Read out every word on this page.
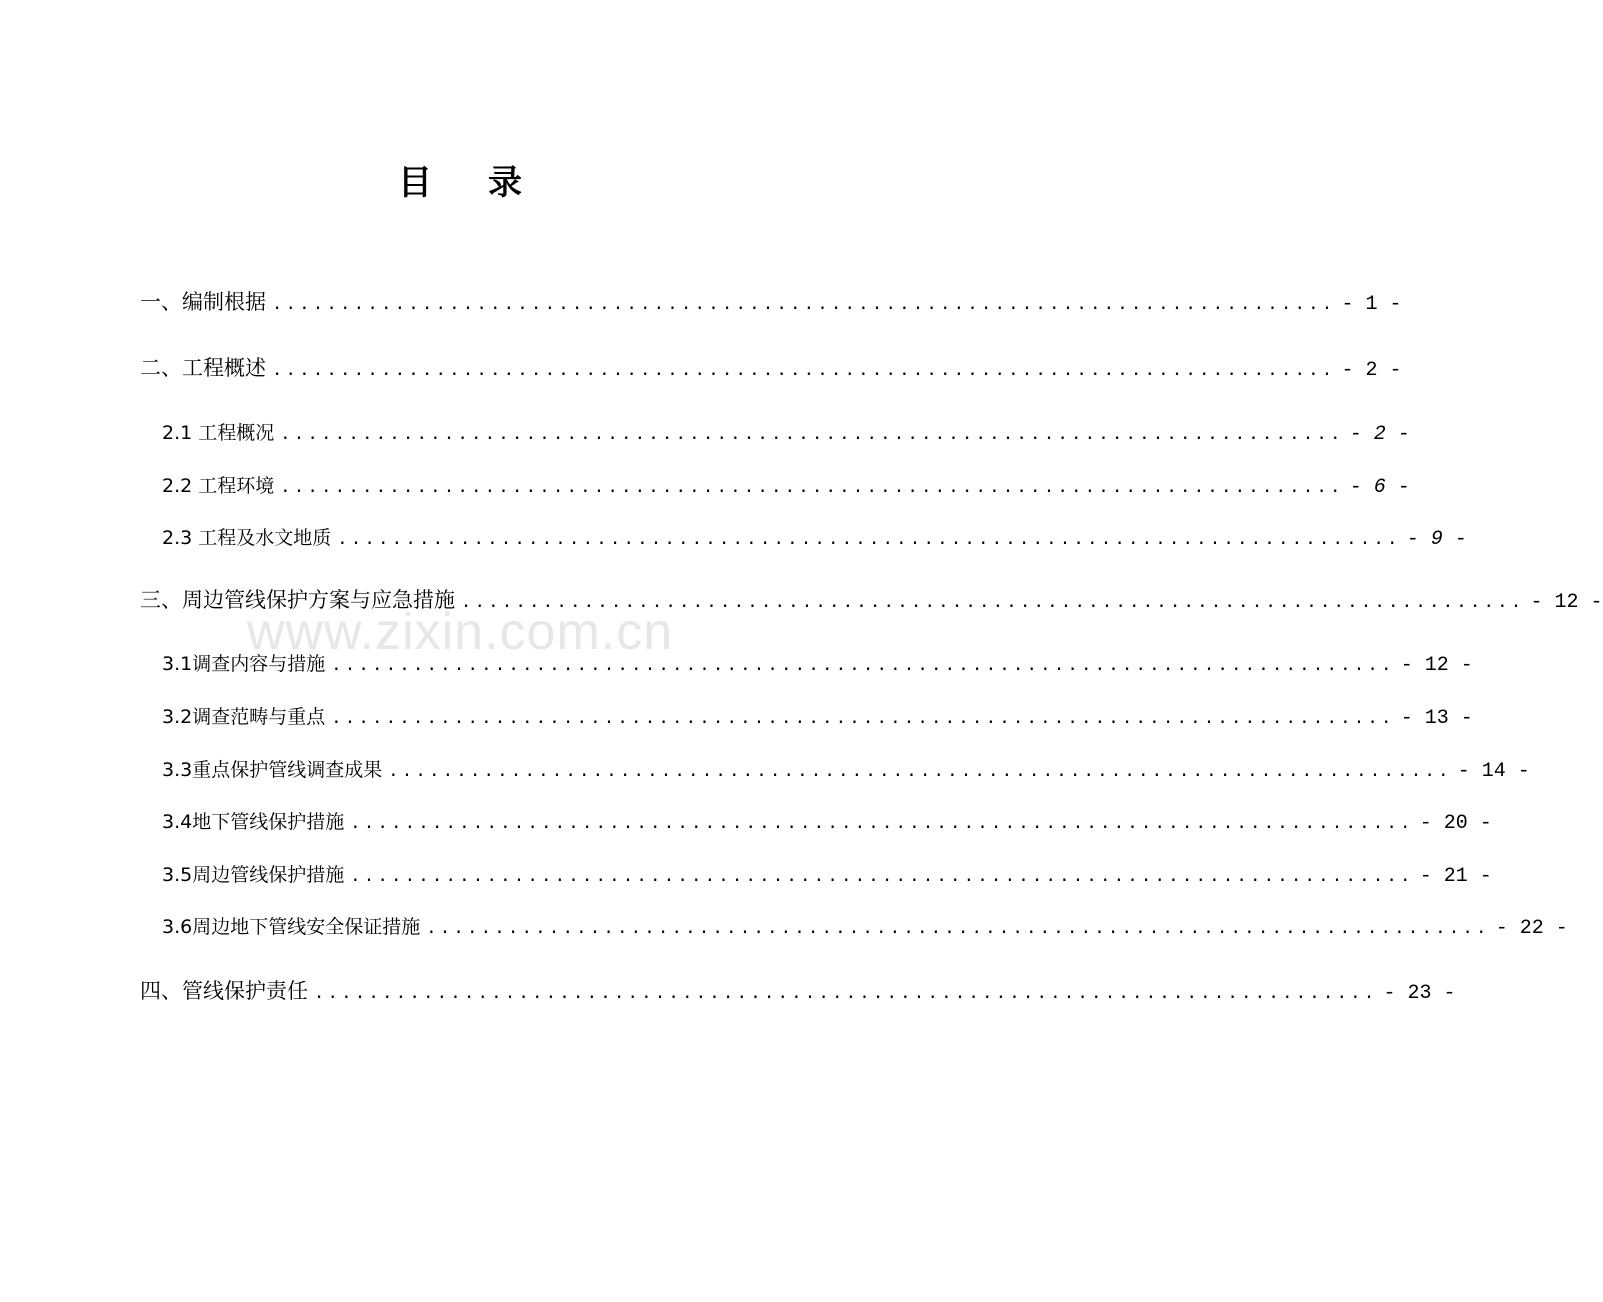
www.zixin.com.cn
目 录
一、编制根据 .............................................................................. - 1 -
二、工程概述 .............................................................................. - 2 -
2.1 工程概况 .............................................................................. - 2 -
2.2 工程环境 .............................................................................. - 6 -
2.3 工程及水文地质 .............................................................................. - 9 -
三、周边管线保护方案与应急措施 .............................................................................. - 12 -
3.1调查内容与措施 .............................................................................. - 12 -
3.2调查范畴与重点 .............................................................................. - 13 -
3.3重点保护管线调查成果 .............................................................................. - 14 -
3.4地下管线保护措施 .............................................................................. - 20 -
3.5周边管线保护措施 .............................................................................. - 21 -
3.6周边地下管线安全保证措施 .............................................................................. - 22 -
四、管线保护责任 .............................................................................. - 23 -
